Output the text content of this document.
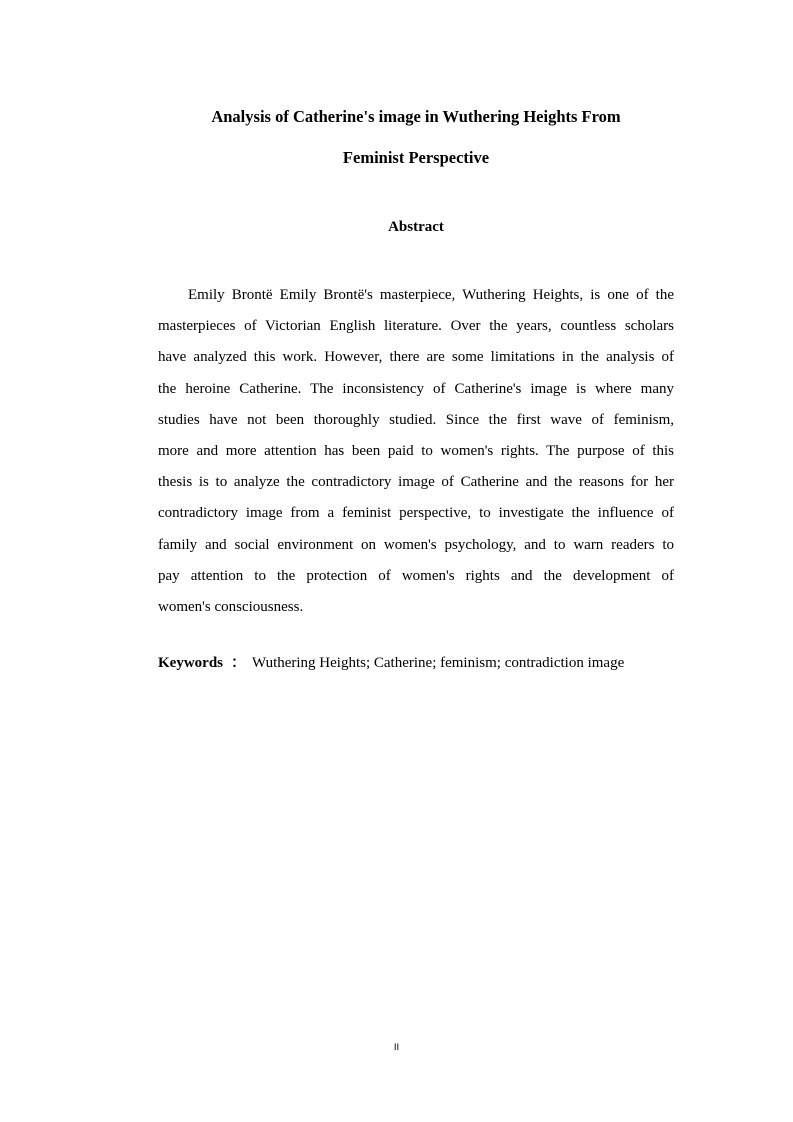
Analysis of Catherine's image in Wuthering Heights From
Feminist Perspective
Abstract
Emily Brontë Emily Brontë's masterpiece, Wuthering Heights, is one of the
masterpieces of Victorian English literature. Over the years, countless scholars
have analyzed this work. However, there are some limitations in the analysis of
the heroine Catherine. The inconsistency of Catherine's image is where many
studies have not been thoroughly studied. Since the first wave of feminism,
more and more attention has been paid to women's rights. The purpose of this
thesis is to analyze the contradictory image of Catherine and the reasons for her
contradictory image from a feminist perspective, to investigate the influence of
family and social environment on women's psychology, and to warn readers to
pay attention to the protection of women's rights and the development of
women's consciousness.

Keywords ： Wuthering Heights; Catherine; feminism; contradiction image

II
